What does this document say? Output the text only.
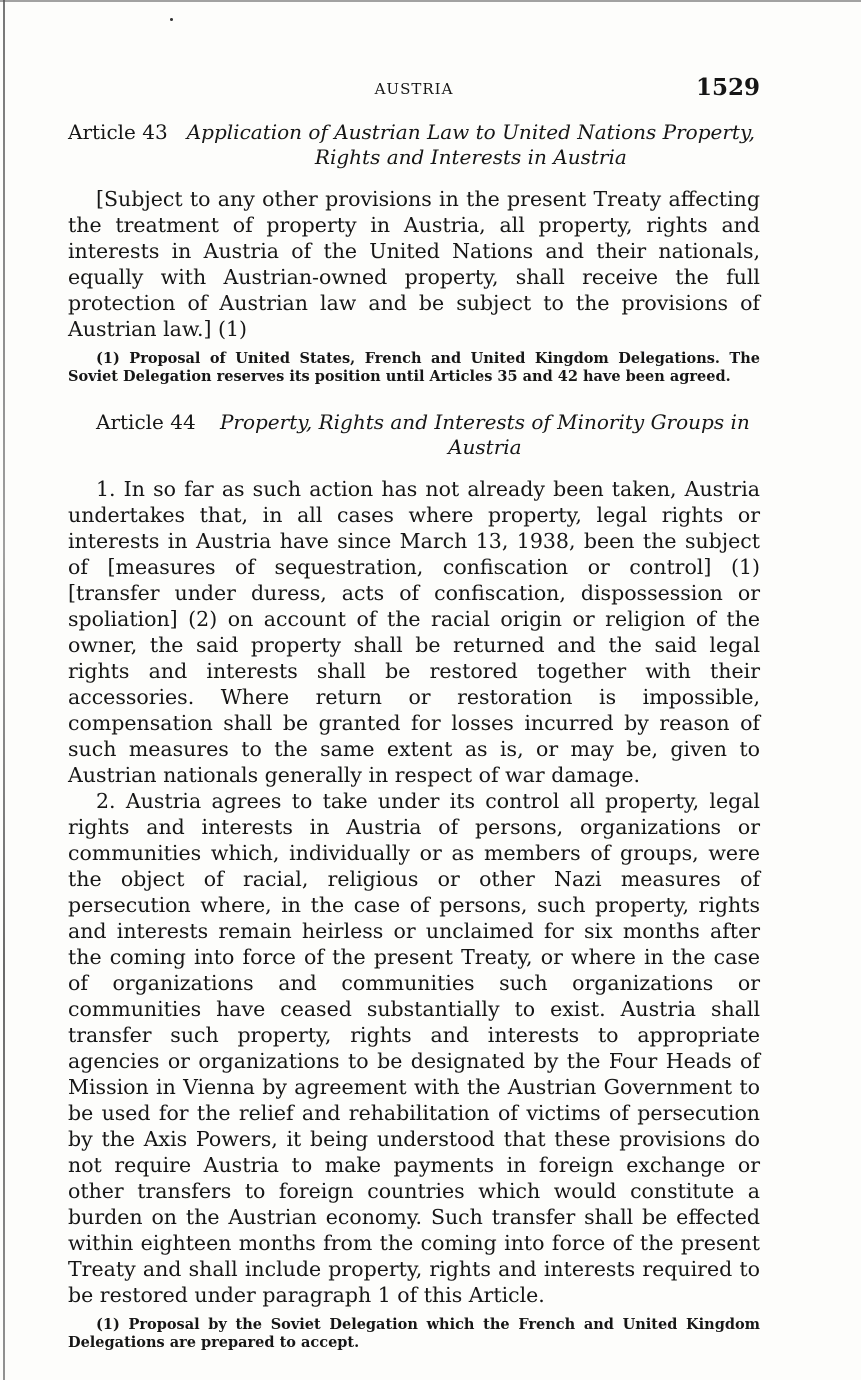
AUSTRIA	1529
Article 43 Application of Austrian Law to United Nations Property, Rights and Interests in Austria

[Subject to any other provisions in the present Treaty affecting the treatment of property in Austria, all property, rights and interests in Austria of the United Nations and their nationals, equally with Austrian-owned property, shall receive the full protection of Austrian law and be subject to the provisions of Austrian law.] (1)

(1) Proposal of United States, French and United Kingdom Delegations. The Soviet Delegation reserves its position until Articles 35 and 42 have been agreed.

Article 44	Property, Rights and Interests of Minority Groups in Austria

1. In so far as such action has not already been taken, Austria undertakes that, in all cases where property, legal rights or interests in Austria have since March 13, 1938, been the subject of [measures of sequestration, confiscation or control] (1) [transfer under duress, acts of confiscation, dispossession or spoliation] (2) on account of the racial origin or religion of the owner, the said property shall be returned and the said legal rights and interests shall be restored together with their accessories. Where return or restoration is impossible, compensation shall be granted for losses incurred by reason of such measures to the same extent as is, or may be, given to Austrian nationals generally in respect of war damage.

2. Austria agrees to take under its control all property, legal rights and interests in Austria of persons, organizations or communities which, individually or as members of groups, were the object of racial, religious or other Nazi measures of persecution where, in the case of persons, such property, rights and interests remain heirless or unclaimed for six months after the coming into force of the present Treaty, or where in the case of organizations and communities such organizations or communities have ceased substantially to exist. Austria shall transfer such property, rights and interests to appropriate agencies or organizations to be designated by the Four Heads of Mission in Vienna by agreement with the Austrian Government to be used for the relief and rehabilitation of victims of persecution by the Axis Powers, it being understood that these provisions do not require Austria to make payments in foreign exchange or other transfers to foreign countries which would constitute a burden on the Austrian economy. Such transfer shall be effected within eighteen months from the coming into force of the present Treaty and shall include property, rights and interests required to be restored under paragraph 1 of this Article.

(1) Proposal by the Soviet Delegation which the French and United Kingdom Delegations are prepared to accept.
